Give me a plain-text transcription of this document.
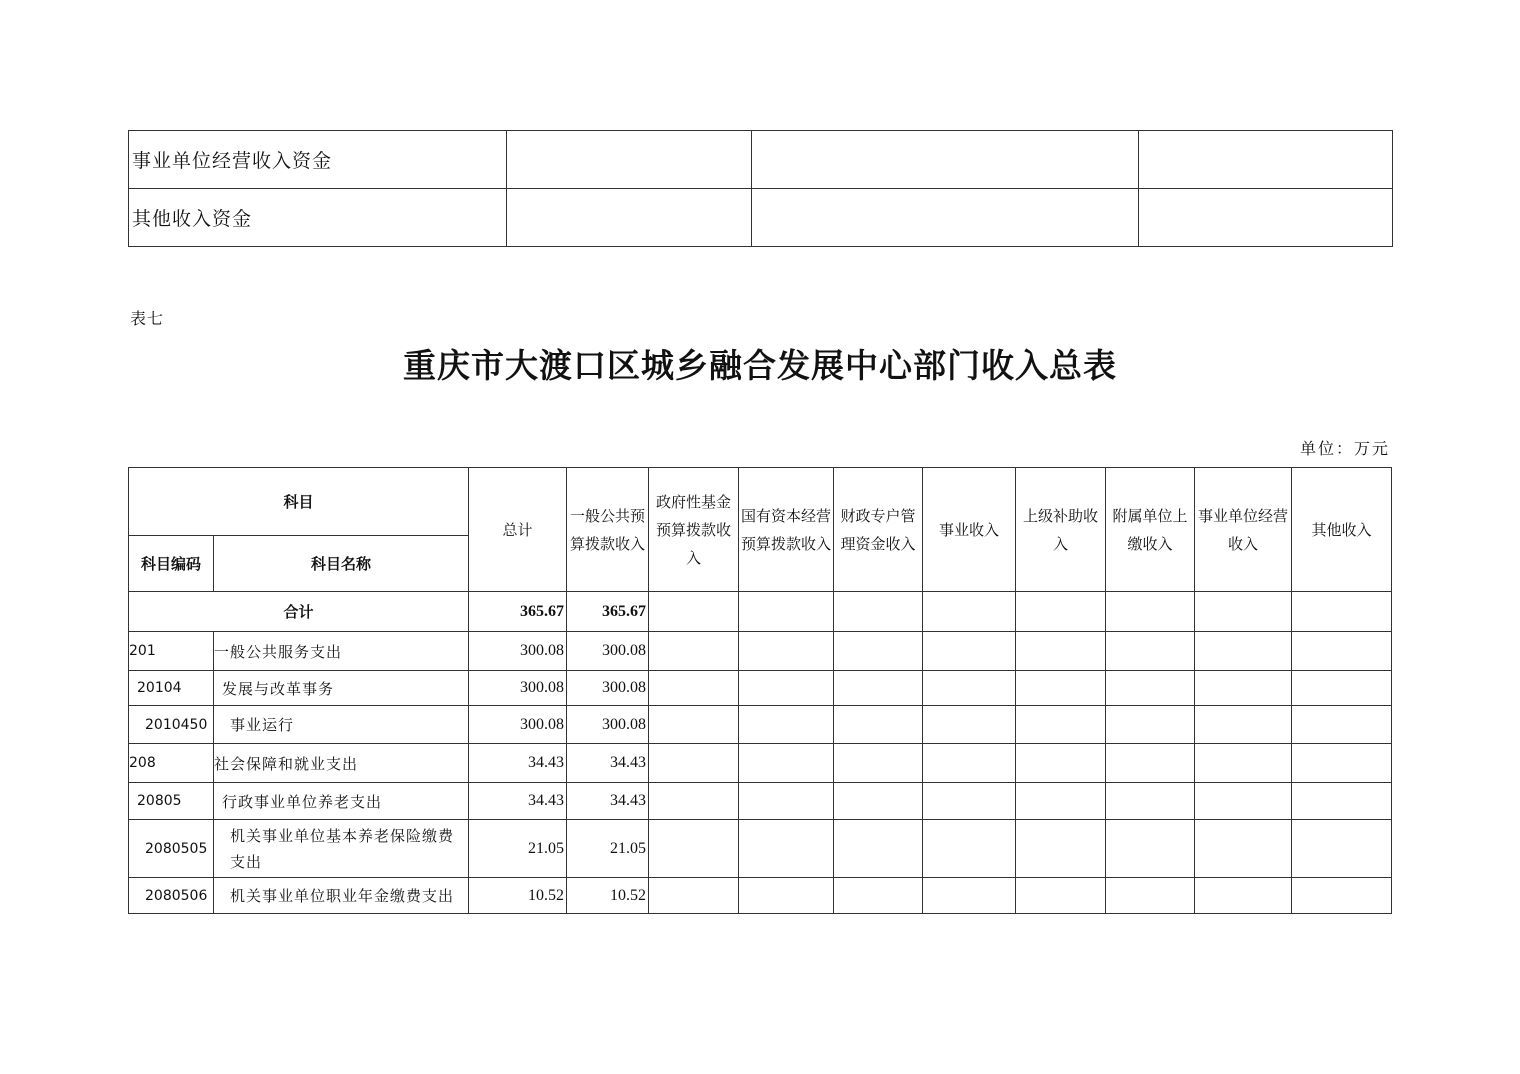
事业单位经营收入资金			
其他收入资金			
表七
重庆市大渡口区城乡融合发展中心部门收入总表
单位：万元
科目		总计	一般公共预算拨款收入	政府性基金预算拨款收入	国有资本经营预算拨款收入	财政专户管理资金收入	事业收入	上级补助收入	附属单位上缴收入	事业单位经营收入	其他收入
科目编码	科目名称										
合计		365.67	365.67								
201	一般公共服务支出	300.08	300.08								
20104	发展与改革事务	300.08	300.08								
2010450	事业运行	300.08	300.08								
208	社会保障和就业支出	34.43	34.43								
20805	行政事业单位养老支出	34.43	34.43								
2080505	机关事业单位基本养老保险缴费支出	21.05	21.05								
2080506	机关事业单位职业年金缴费支出	10.52	10.52								
